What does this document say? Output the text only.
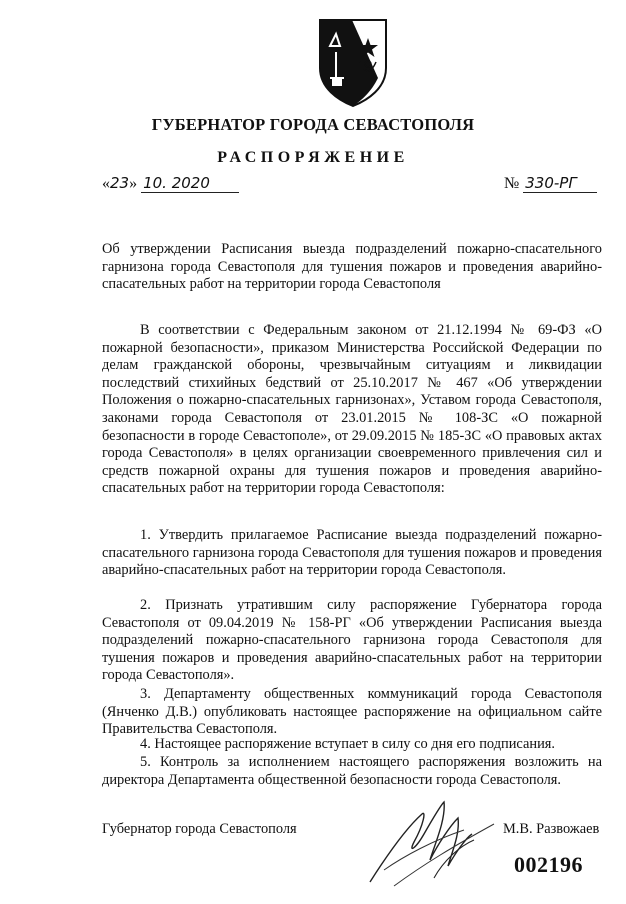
ГУБЕРНАТОР ГОРОДА СЕВАСТОПОЛЯ
РАСПОРЯЖЕНИЕ
«23» 10. 2020	№ 330-РГ
Об утверждении Расписания выезда подразделений пожарно-спасательного гарнизона города Севастополя для тушения пожаров и проведения аварийно-спасательных работ на территории города Севастополя
В соответствии с Федеральным законом от 21.12.1994 № 69-ФЗ «О пожарной безопасности», приказом Министерства Российской Федерации по делам гражданской обороны, чрезвычайным ситуациям и ликвидации последствий стихийных бедствий от 25.10.2017 № 467 «Об утверждении Положения о пожарно-спасательных гарнизонах», Уставом города Севастополя, законами города Севастополя от 23.01.2015 № 108-ЗС «О пожарной безопасности в городе Севастополе», от 29.09.2015 № 185-ЗС «О правовых актах города Севастополя» в целях организации своевременного привлечения сил и средств пожарной охраны для тушения пожаров и проведения аварийно-спасательных работ на территории города Севастополя:
1. Утвердить прилагаемое Расписание выезда подразделений пожарно-спасательного гарнизона города Севастополя для тушения пожаров и проведения аварийно-спасательных работ на территории города Севастополя.
2. Признать утратившим силу распоряжение Губернатора города Севастополя от 09.04.2019 № 158-РГ «Об утверждении Расписания выезда подразделений пожарно-спасательного гарнизона города Севастополя для тушения пожаров и проведения аварийно-спасательных работ на территории города Севастополя».
3. Департаменту общественных коммуникаций города Севастополя (Янченко Д.В.) опубликовать настоящее распоряжение на официальном сайте Правительства Севастополя.
4. Настоящее распоряжение вступает в силу со дня его подписания.
5. Контроль за исполнением настоящего распоряжения возложить на директора Департамента общественной безопасности города Севастополя.
Губернатор города Севастополя	М.В. Развожаев
002196
